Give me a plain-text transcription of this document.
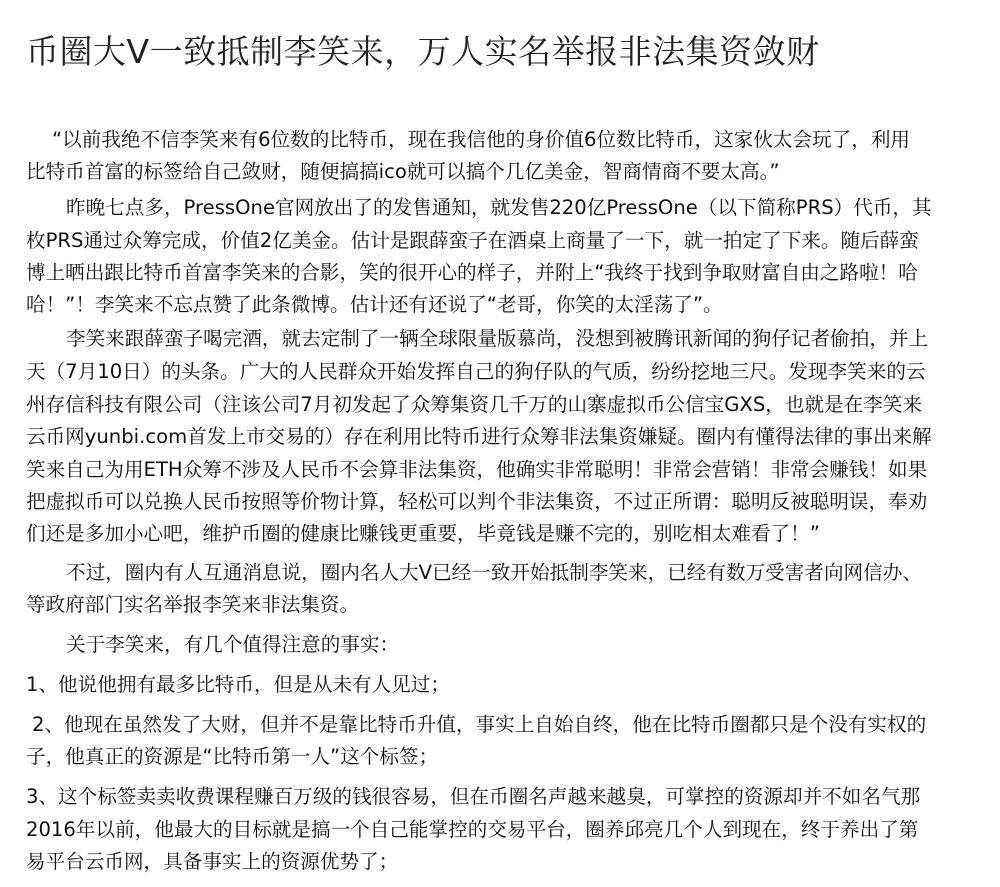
币圈大V一致抵制李笑来，万人实名举报非法集资敛财
“以前我绝不信李笑来有6位数的比特币，现在我信他的身价值6位数比特币，这家伙太会玩了，利用
比特币首富的标签给自己敛财，随便搞搞ico就可以搞个几亿美金，智商情商不要太高。”
昨晚七点多，PressOne官网放出了的发售通知，就发售220亿PressOne（以下简称PRS）代币，其
枚PRS通过众筹完成，价值2亿美金。估计是跟薛蛮子在酒桌上商量了一下，就一拍定了下来。随后薛蛮
博上晒出跟比特币首富李笑来的合影，笑的很开心的样子，并附上“我终于找到争取财富自由之路啦！哈
哈！”！李笑来不忘点赞了此条微博。估计还有还说了“老哥，你笑的太淫荡了”。
李笑来跟薛蛮子喝完酒，就去定制了一辆全球限量版慕尚，没想到被腾讯新闻的狗仔记者偷拍，并上
天（7月10日）的头条。广大的人民群众开始发挥自己的狗仔队的气质，纷纷挖地三尺。发现李笑来的云
州存信科技有限公司（注该公司7月初发起了众筹集资几千万的山寨虚拟币公信宝GXS，也就是在李笑来
云币网yunbi.com首发上市交易的）存在利用比特币进行众筹非法集资嫌疑。圈内有懂得法律的事出来解
笑来自己为用ETH众筹不涉及人民币不会算非法集资，他确实非常聪明！非常会营销！非常会赚钱！如果
把虚拟币可以兑换人民币按照等价物计算，轻松可以判个非法集资，不过正所谓：聪明反被聪明误，奉劝
们还是多加小心吧，维护币圈的健康比赚钱更重要，毕竟钱是赚不完的，别吃相太难看了！”
不过，圈内有人互通消息说，圈内名人大V已经一致开始抵制李笑来，已经有数万受害者向网信办、
等政府部门实名举报李笑来非法集资。
关于李笑来，有几个值得注意的事实：
1、他说他拥有最多比特币，但是从未有人见过；
2、他现在虽然发了大财，但并不是靠比特币升值，事实上自始自终，他在比特币圈都只是个没有实权的
子，他真正的资源是“比特币第一人”这个标签；
3、这个标签卖卖收费课程赚百万级的钱很容易，但在币圈名声越来越臭，可掌控的资源却并不如名气那
2016年以前，他最大的目标就是搞一个自己能掌控的交易平台，圈养邱亮几个人到现在，终于养出了第
易平台云币网，具备事实上的资源优势了；
